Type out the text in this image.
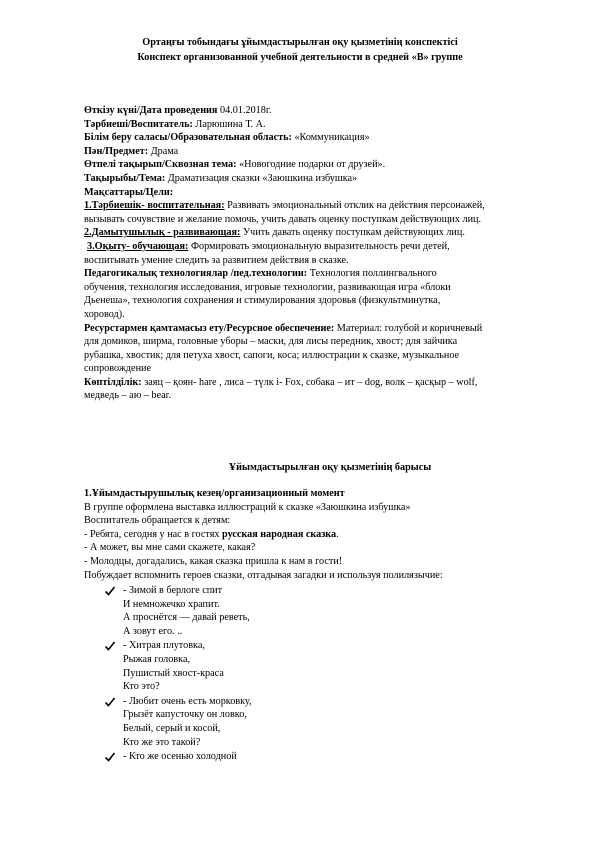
Ортаңғы тобындағы ұйымдастырылған оқу қызметінің конспектісі
Конспект организованной учебной деятельности в средней «В» группе
Өткізу күні/Дата проведения 04.01.2018г.
Тәрбиеші/Воспитатель: Ларюшина Т. А.
Білім беру саласы/Образовательная область: «Коммуникация»
Пән/Предмет: Драма
Өтпелі тақырып/Сквозная тема: «Новогодние подарки от друзей».
Тақырыбы/Тема: Драматизация сказки «Заюшкина избушка»
Мақсаттары/Цели:
1.Тәрбиешік- воспитательная: Развивать эмоциональный отклик на действия персонажей,
вызывать сочувствие и желание помочь, учить давать оценку поступкам действующих лиц.
2.Дамытушылық - развивающая: Учить давать оценку поступкам действующих лиц.
3.Оқыту- обучающая: Формировать эмоциональную выразительность речи детей,
воспитывать умение следить за развитием действия в сказке.
Педагогикалық технологиялар /пед.технологии: Технология поллингвального
обучения, технология исследования, игровые технологии, развивающая игра «блоки
Дьенеша», технология сохранения и стимулирования здоровья (физкультминутка,
хоровод).
Ресурстармен қамтамасыз ету/Ресурсное обеспечение: Материал: голубой и коричневый
для домиков, ширма, головные уборы – маски, для лисы передник, хвост; для зайчика
рубашка, хвостик; для петуха хвост, сапоги, коса; иллюстрации к сказке, музыкальное
сопровождение
Көптілділік: заяц – қоян- hare , лиса – түлк і- Fox, собака – ит – dog, волк – қасқыр – wolf,
медведь – аю – bear.
Ұйымдастырылған оқу қызметінің барысы
1.Ұйымдастырушылық кезең/организационный момент
В группе оформлена выставка иллюстраций к сказке «Заюшкина избушка»
Воспитатель обращается к детям:
- Ребята, сегодня у нас в гостях русская народная сказка.
- А может, вы мне сами скажете, какая?
- Молодцы, догадались, какая сказка пришла к нам в гости!
Побуждает вспомнить героев сказки, отгадывая загадки и используя полилязычие:
- Зимой в берлоге спит
И немножечко храпит.
А проснётся — давай реветь,
А зовут его. ..
- Хитрая плутовка,
Рыжая головка,
Пушистый хвост-краса
Кто это?
- Любит очень есть морковку,
Грызёт капусточку он ловко,
Белый, серый и косой,
Кто же это такой?
- Кто же осенью холодной
